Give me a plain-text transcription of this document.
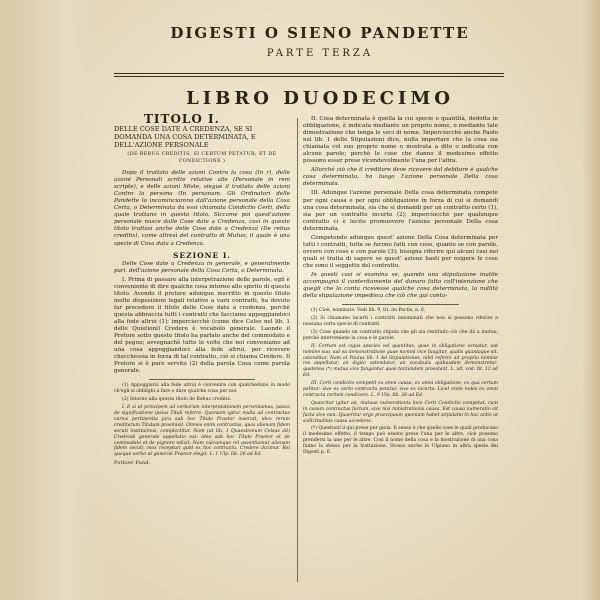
DIGESTI O SIENO PANDETTE
PARTE TERZA
LIBRO DUODECIMO
TITOLO I.
DELLE COSE DATE A CREDENZA, SE SI DOMANDA UNA COSA DETERMINATA, E DELL'AZIONE PERSONALE
(DE REBUS CREDITIS, SI CERTUM PETATUR; ET DE CONDICTIONE )
Dopo il trattato delle azioni Contro la cosa (In r), delle azioni Personali scritte relative alle (Personale in rem scripte), e delle azioni Miste, siegue il trattato delle azioni Contro la persona (In personam. Gli Ordinatori delle Pandette lo incominciarono dall'azione personale della Cosa Certa, o Determinata da essi chiamata Condictio Certi, della quale trattano in questo titolo. Siccome poi quest'azione personale nasce dalle Cose date a Credenza, così in questo titolo trattasi anche delle Cose date a Credenza (De rebus creditis), come altresì del contratto di Mutuo, il quale è una spezie di Cosa data a Credenza.
SEZIONE I.
Delle Cose date a Credenza in generale, e generalmente parl. dell'azione personale della Cosa Certa, o Determinata.
I. Prima di passare alla interpetrazione delle parole, egli è conveniente di dire qualche cosa intorno allo spirito di questo titolo. Avendo il pretore adunque inscritto in questo titolo molte disposizioni legali relative a varii contratti, ha dovuto far precedere il titolo delle Cose date a credenza, perchè questa abbraccia tutti i contratti che facciamo appoggiandoci alla fede altrui (1); imperciocchè (come dice Celso nel lib. 1 delle Quistioni) Credere è vocabolo generale. Laonde il Pretore sotto questo titolo ha parlato anche del commodato e del pegno; avvegnachè tutte le volte che noi conveniamo ad una cosa appoggiandoci alla fede altrui, per ricevere checchessia in forza di tal contratto, ciò si chiama Credere. Il Pretore si è pure servito (2) della parola Cosa come parola generale.
(1) Appoggiarsi alla fede altrui è convenire con qualcheduno in modo ch'egli si obblighi a fare o dare qualche cosa per noi.
(2) Intorno alla questa titolo de Rebus creditis.
I. E si ut principem ad verborum interpretationem perveniamus, pauca de significatione ipsius Tituli referre. Quoniam igitur multa ad contractus varios pertinentia jura sub hoc Titulo Praetor inseruit, ideo rerum creditarum Titulum praemisit. Omnes enim contractus, quos alienam fidem secuti instituimus, complectitur. Nam (ut lib. 1 Quaestionum Celsus ait) Credendi generale appellatio est: ideo sub hoc Titulo Praetor et de commodato et de pignore edixit. Nam cuicumque rei assentiamur alienam fidem secuti, mox recepturi quid ex hoc contractu, Credere dicimur. Rei quoque verbo ut generali Praetor elegit. L. 1 Ulp. lib. 26 ad Ed.
Pothier Pand.
II. Cosa determinata è quella la cui specie o quantità, dedotta in obbligazione, è indicata mediante un proprio nome, o mediante tale dimostrazione che tenga le veci di nome. Imperciocchè anche Paolo nel lib. 1 delle Stipulazioni dice, nulla importare che la cosa sia chiamata col suo proprio nome o mostrata a dito o indicata con alcune parole; perchè le cose che danno il medesimo effetto possono esser prese vicendevolmente l'una per l'altra.
Allorchè ciò che il creditore deve ricevere dal debitore è qualche cosa determinata, ha luogo l'azione personale Della cosa determinata.
III. Adunque l'azione personale Della cosa determinata compete per ogni causa e per ogni obbligazione in forza di cui si domandi una cosa determinata, sia che si domandi per un contratto certo (1), sia per un contratto incerto (2); imperciocchè per qualunque contratto ci è lecito promuovere l'azione personale Della cosa determinata.
Competendo adunque quest' azione Della Cosa determinata per tutti i contratti, tutte se furono fatti con cose, quanto se con parole, ovvero con cose e con parole (3); bisogna riferire qui alcuni casi nei quali si tratta di sapere se quest' azione basti per esigere le cose che sono il soggetto del contratto.
In questi casi si esamina se, quando una stipulazione inutile accompagnò il conteritamento del danaro fatto coll'intenzione che quegli che lo conta ricevesse qualche cosa determinata, la nullità della stipulazione impedisca che ciò che qui conta-
(1) Cioè, nominato. Vedi lib. 9, tit. de Pactis, n. 6.
(2) Si chiamano incerti i contratti innominati che non si possono riferire a nessuna certa specie di contratti.
(3) Cose quando un contratto stipula che gli sia restituito ciò che dà a mutuo; perchè interveniene la cosa e le parole.
II. Certum est cujus species vel quantitas, quae in obligatione versatur, aut nomine suo, aut ea demonstratione quae nomini vice fungitur, qualis quantaque sit, ostenditur. Nam et Paulus lib. 1 Ad Stipulationes, nihil referre ait proprio nomine res appellatur, an digito ostendatur, an vocabulis quibusdam demonstretur; quatenus (*) mutua vice fungantur quae tantundem praestant. L. ult. cod. tit. 12 ad Ed.
III. Certi condictio competit ex omni causa, ex omni obligatione, ex qua certum petitur: sive ex certo contractu petatur, sive ex incerto. Licet enim nobis ex omni contractu certum condicere. L. 9 Ulp. lib. 26 ad Ed.
Quaeritur igitur an, mutuae numerationis loco Certi Condictio competat, cum in casum contractus factum, sive nisi ministrationis causa. Est causa numeratio sit facta sive non. Quaeritur ergo praecipuum quoniam habet stipulatio in hac actio ut sollicitudinis causa accedens.
(*) Questioni il qui prese per gioia. Il senso è che quelle cose le quali producono il medesimo effetto, il tempo può essere prese l'una per le altre, cioè possono prendersi la une per le altre. Così il nome della cosa e la mostrazione di una cosa fanno la stessa per la trattazione. Stosso anche in Ulpiano in altra spezie dei Digesti p. 6.
